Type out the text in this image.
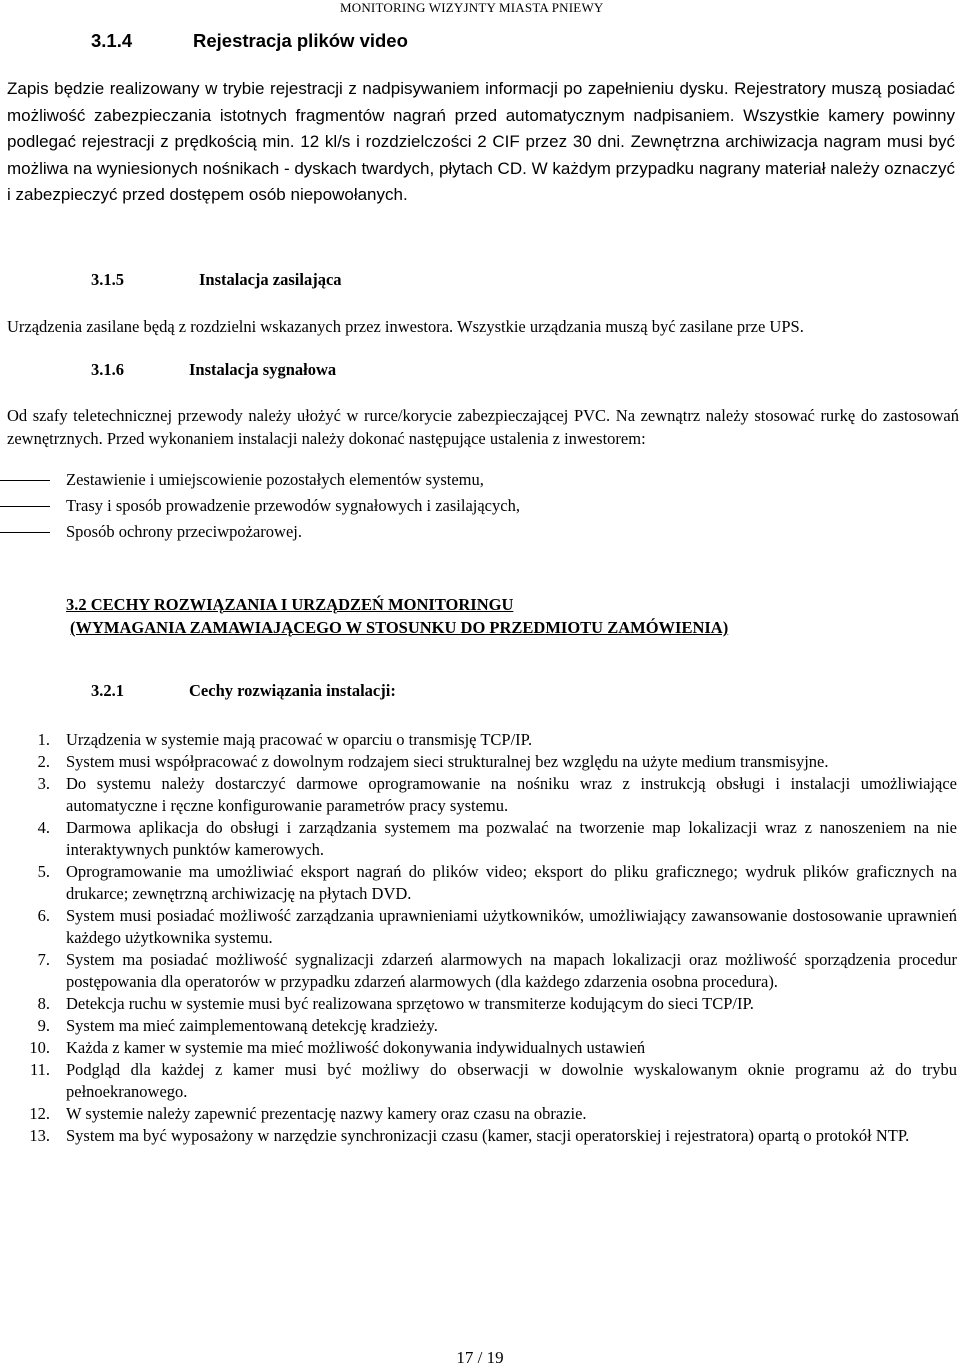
MONITORING WIZYJNTY MIASTA PNIEWY
3.1.4	Rejestracja plików video
Zapis będzie realizowany w trybie rejestracji z nadpisywaniem informacji po zapełnieniu dysku. Rejestratory muszą posiadać możliwość zabezpieczania istotnych fragmentów nagrań przed automatycznym nadpisaniem. Wszystkie kamery powinny podlegać rejestracji z prędkością min. 12 kl/s i rozdzielczości 2 CIF przez 30 dni. Zewnętrzna archiwizacja nagram musi być możliwa na wyniesionych nośnikach - dyskach twardych, płytach CD. W każdym przypadku nagrany materiał należy oznaczyć i zabezpieczyć przed dostępem osób niepowołanych.
3.1.5	Instalacja zasilająca
Urządzenia zasilane będą z rozdzielni wskazanych przez inwestora. Wszystkie urządzania muszą być zasilane prze UPS.
3.1.6	Instalacja sygnałowa
Od szafy teletechnicznej przewody należy ułożyć w rurce/korycie zabezpieczającej PVC. Na zewnątrz należy stosować rurkę do zastosowań zewnętrznych. Przed wykonaniem instalacji należy dokonać następujące ustalenia z inwestorem:
Zestawienie i umiejscowienie pozostałych elementów systemu,
Trasy i sposób prowadzenie przewodów sygnałowych i zasilających,
Sposób ochrony przeciwpożarowej.
3.2 CECHY ROZWIĄZANIA I URZĄDZEŃ MONITORINGU
(WYMAGANIA ZAMAWIAJĄCEGO W STOSUNKU DO PRZEDMIOTU ZAMÓWIENIA)
3.2.1	Cechy rozwiązania instalacji:
1. Urządzenia w systemie mają pracować w oparciu o transmisję TCP/IP.
2. System musi współpracować z dowolnym rodzajem sieci strukturalnej bez względu na użyte medium transmisyjne.
3. Do systemu należy dostarczyć darmowe oprogramowanie na nośniku wraz z instrukcją obsługi i instalacji umożliwiające automatyczne i ręczne konfigurowanie parametrów pracy systemu.
4. Darmowa aplikacja do obsługi i zarządzania systemem ma pozwalać na tworzenie map lokalizacji wraz z nanoszeniem na nie interaktywnych punktów kamerowych.
5. Oprogramowanie ma umożliwiać eksport nagrań do plików video; eksport do pliku graficznego; wydruk plików graficznych na drukarce; zewnętrzną archiwizację na płytach DVD.
6. System musi posiadać możliwość zarządzania uprawnieniami użytkowników, umożliwiający zawansowanie dostosowanie uprawnień każdego użytkownika systemu.
7. System ma posiadać możliwość sygnalizacji zdarzeń alarmowych na mapach lokalizacji oraz możliwość sporządzenia procedur postępowania dla operatorów w przypadku zdarzeń alarmowych (dla każdego zdarzenia osobna procedura).
8. Detekcja ruchu w systemie musi być realizowana sprzętowo w transmiterze kodującym do sieci TCP/IP.
9. System ma mieć zaimplementowaną detekcję kradzieży.
10. Każda z kamer w systemie ma mieć możliwość dokonywania indywidualnych ustawień
11. Podgląd dla każdej z kamer musi być możliwy do obserwacji w dowolnie wyskalowanym oknie programu aż do trybu pełnoekranowego.
12. W systemie należy zapewnić prezentację nazwy kamery oraz czasu na obrazie.
13. System ma być wyposażony w narzędzie synchronizacji czasu (kamer, stacji operatorskiej i rejestratora) opartą o protokół NTP.
17 / 19
